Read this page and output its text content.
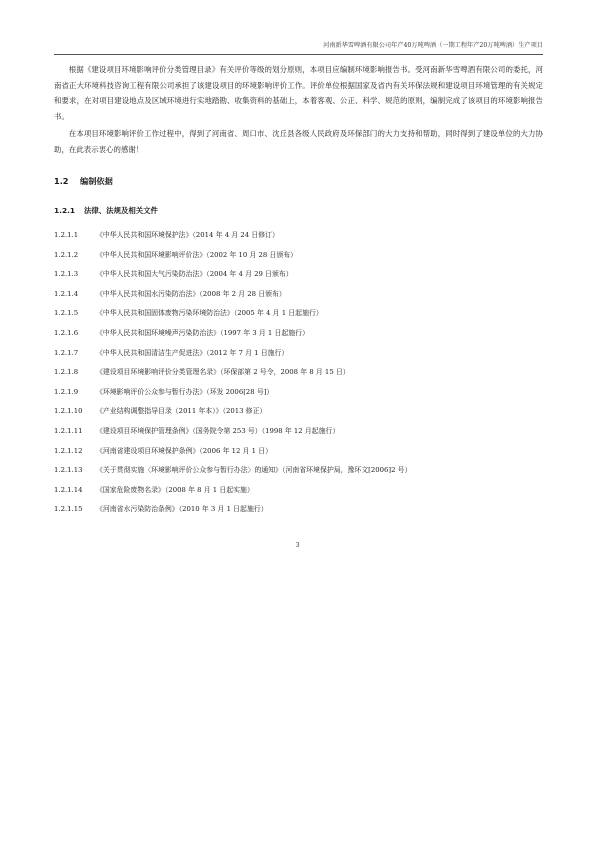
河南新华雪啤酒有限公司年产40万吨啤酒（一期工程年产20万吨啤酒）生产项目

根据《建设项目环境影响评价分类管理目录》有关评价等级的划分原则，本项目应编制环境影响报告书。受河南新华雪啤酒有限公司的委托，河南省正大环境科技咨询工程有限公司承担了该建设项目的环境影响评价工作。评价单位根据国家及省内有关环保法规和建设项目环境管理的有关规定和要求，在对项目建设地点及区域环境进行实地踏勘、收集资料的基础上，本着客观、公正、科学、规范的原则，编制完成了该项目的环境影响报告书。

在本项目环境影响评价工作过程中，得到了河南省、周口市、沈丘县各级人民政府及环保部门的大力支持和帮助，同时得到了建设单位的大力协助，在此表示衷心的感谢！

1.2 编制依据
1.2.1 法律、法规及相关文件
1.2.1.1	《中华人民共和国环境保护法》（2014 年 4 月 24 日修订）
1.2.1.2	《中华人民共和国环境影响评价法》（2002 年 10 月 28 日颁布）
1.2.1.3	《中华人民共和国大气污染防治法》（2004 年 4 月 29 日颁布）
1.2.1.4	《中华人民共和国水污染防治法》（2008 年 2 月 28 日颁布）
1.2.1.5	《中华人民共和国固体废物污染环境防治法》（2005 年 4 月 1 日起施行）
1.2.1.6	《中华人民共和国环境噪声污染防治法》（1997 年 3 月 1 日起施行）
1.2.1.7	《中华人民共和国清洁生产促进法》（2012 年 7 月 1 日施行）
1.2.1.8	《建设项目环境影响评价分类管理名录》（环保部第 2 号令，2008 年 8 月 15 日）
1.2.1.9	《环境影响评价公众参与暂行办法》（环发 2006[28 号]）
1.2.1.10	《产业结构调整指导目录（2011 年本）》（2013 修正）
1.2.1.11	《建设项目环境保护管理条例》（国务院令第 253 号）（1998 年 12 月起施行）
1.2.1.12	《河南省建设项目环境保护条例》（2006 年 12 月 1 日）
1.2.1.13	《关于贯彻实施〈环境影响评价公众参与暂行办法〉的通知》（河南省环境保护局，豫环文[2006]2 号）
1.2.1.14	《国家危险废物名录》（2008 年 8 月 1 日起实施）
1.2.1.15	《河南省水污染防治条例》（2010 年 3 月 1 日起施行）
3
